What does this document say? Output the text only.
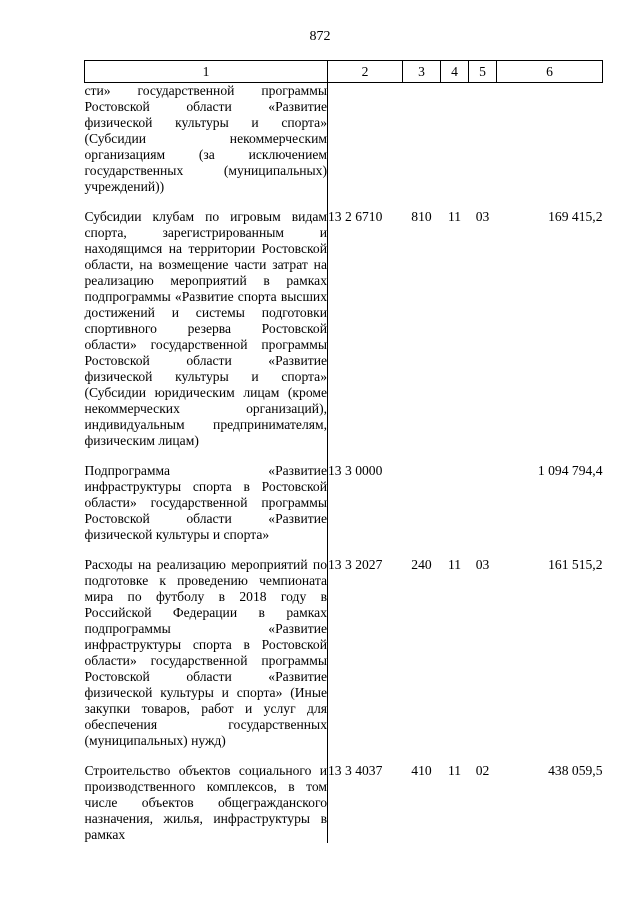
872
1	2	3	4	5	6
сти» государственной программы Ростовской области «Развитие физической культуры и спорта» (Субсидии некоммерческим организациям (за исключением государственных (муниципальных) учреждений))					

Субсидии клубам по игровым видам спорта, зарегистрированным и находящимся на территории Ростовской области, на возмещение части затрат на реализацию мероприятий в рамках подпрограммы «Развитие спорта высших достижений и системы подготовки спортивного резерва Ростовской области» государственной программы Ростовской области «Развитие физической культуры и спорта» (Субсидии юридическим лицам (кроме некоммерческих организаций), индивидуальным предпринимателям, физическим лицам)	13 2 6710	810	11	03	169 415,2

Подпрограмма «Развитие инфраструктуры спорта в Ростовской области» государственной программы Ростовской области «Развитие физической культуры и спорта»	13 3 0000				1 094 794,4

Расходы на реализацию мероприятий по подготовке к проведению чемпионата мира по футболу в 2018 году в Российской Федерации в рамках подпрограммы «Развитие инфраструктуры спорта в Ростовской области» государственной программы Ростовской области «Развитие физической культуры и спорта» (Иные закупки товаров, работ и услуг для обеспечения государственных (муниципальных) нужд)	13 3 2027	240	11	03	161 515,2

Строительство объектов социального и производственного комплексов, в том числе объектов общегражданского назначения, жилья, инфраструктуры в рамках	13 3 4037	410	11	02	438 059,5
